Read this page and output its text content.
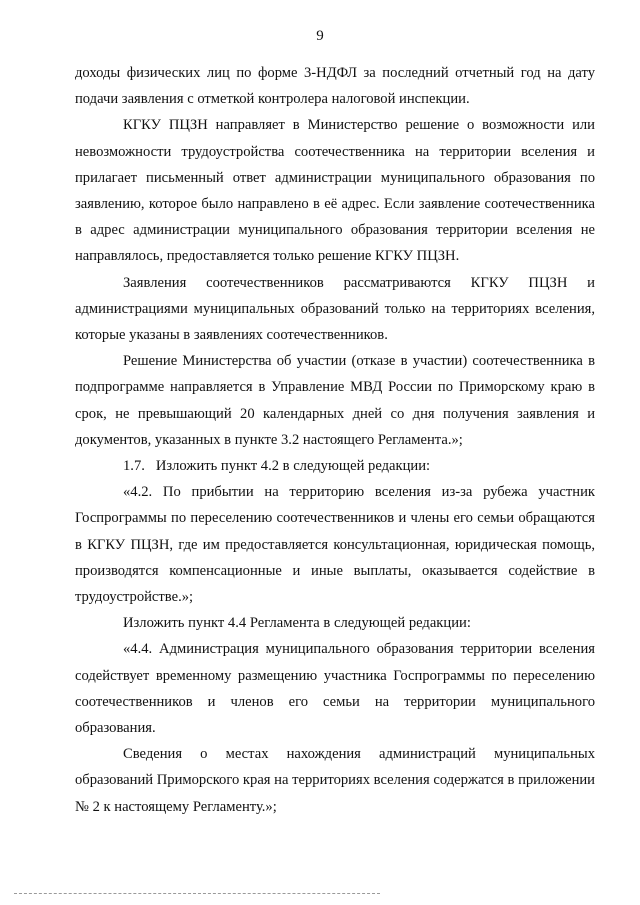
9

доходы физических лиц по форме 3-НДФЛ за последний отчетный год на дату подачи заявления с отметкой контролера налоговой инспекции.

КГКУ ПЦЗН направляет в Министерство решение о возможности или невозможности трудоустройства соотечественника на территории вселения и прилагает письменный ответ администрации муниципального образования по заявлению, которое было направлено в её адрес. Если заявление соотечественника в адрес администрации муниципального образования территории вселения не направлялось, предоставляется только решение КГКУ ПЦЗН.

Заявления соотечественников рассматриваются КГКУ ПЦЗН и администрациями муниципальных образований только на территориях вселения, которые указаны в заявлениях соотечественников.

Решение Министерства об участии (отказе в участии) соотечественника в подпрограмме направляется в Управление МВД России по Приморскому краю в срок, не превышающий 20 календарных дней со дня получения заявления и документов, указанных в пункте 3.2 настоящего Регламента.»;

1.7.   Изложить пункт 4.2 в следующей редакции:

«4.2. По прибытии на территорию вселения из-за рубежа участник Госпрограммы по переселению соотечественников и члены его семьи обращаются в КГКУ ПЦЗН, где им предоставляется консультационная, юридическая помощь, производятся компенсационные и иные выплаты, оказывается содействие в трудоустройстве.»;

Изложить пункт 4.4 Регламента в следующей редакции:

«4.4. Администрация муниципального образования территории вселения содействует временному размещению участника Госпрограммы по переселению соотечественников и членов его семьи на территории муниципального образования.

Сведения о местах нахождения администраций муниципальных образований Приморского края на территориях вселения содержатся в приложении № 2 к настоящему Регламенту.»;
